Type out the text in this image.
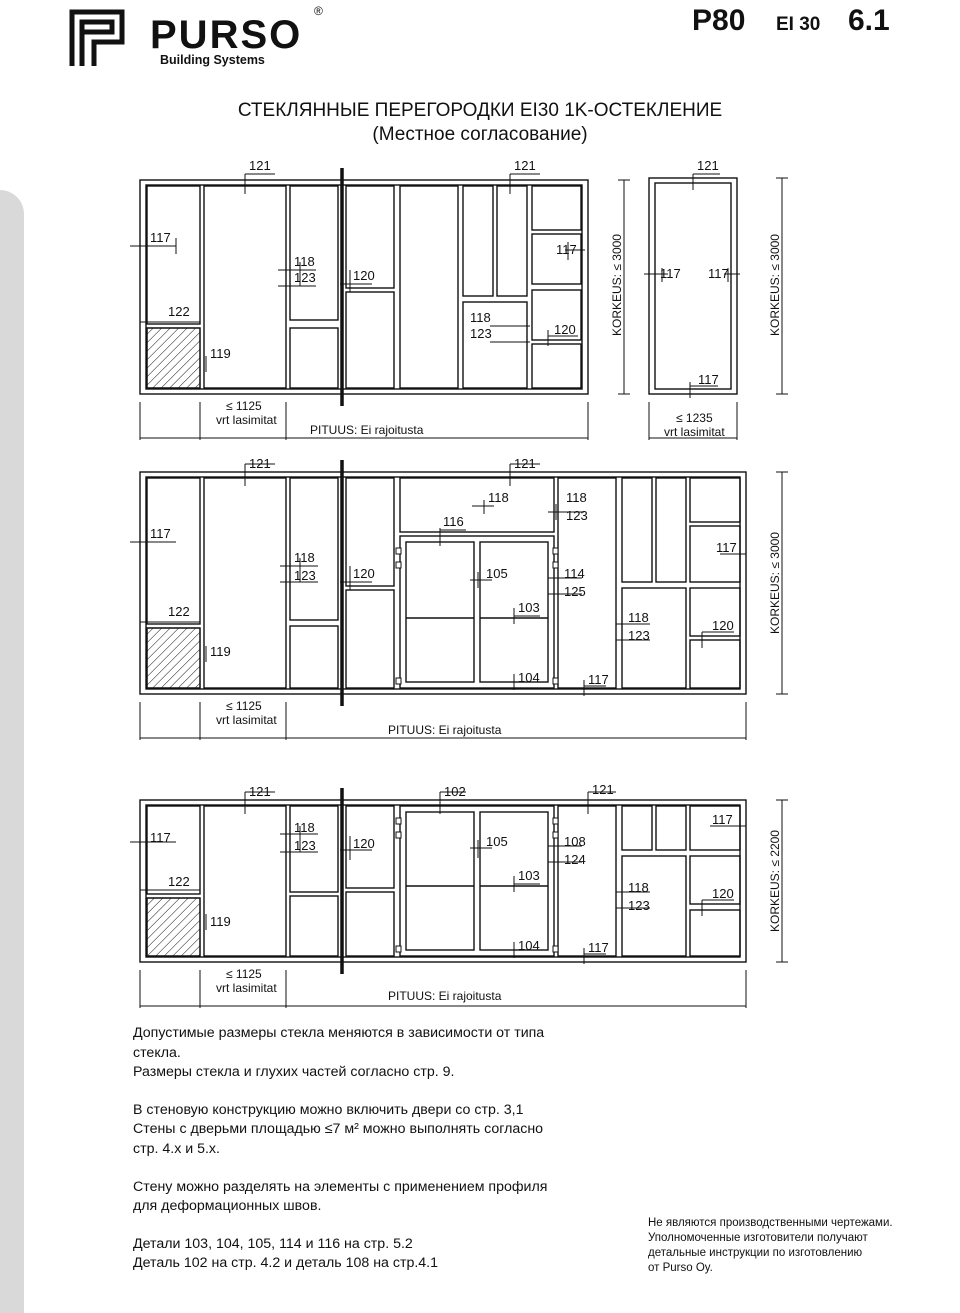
PURSO
Building Systems
®	P80 EI 30 6.1
СТЕКЛЯННЫЕ ПЕРЕГОРОДКИ EI30 1K-ОСТЕКЛЕНИЕ
(Местное согласование)
121	121	121
117
118
123	120
117
118
123	120
122
119
117 117
117
KORKEUS: ≤ 3000	KORKEUS: ≤ 3000
≤ 1125
vrt lasimitat	≤ 1235
vrt lasimitat
PITUUS: Ei rajoitusta
121	121
117
118
123	120
116
118	118
123
105	114
125
103
118
123
120
117
104	117
122
119
KORKEUS: ≤ 3000
≤ 1125
vrt lasimitat
PITUUS: Ei rajoitusta
121	102	121
117
118
123	120	105	108
124
103
118
123
120
117
104	117
122
119	KORKEUS: ≤ 2200
≤ 1125
vrt lasimitat
PITUUS: Ei rajoitusta

Допустимые размеры стекла меняются в зависимости от типа

стекла.

Размеры стекла и глухих частей согласно стр. 9.

В стеновую конструкцию можно включить двери со стр. 3,1

Стены с дверьми площадью ≤7 м² можно выполнять согласно

стр. 4.x и 5.x.

Стену можно разделять на элементы с применением профиля

для деформационных швов.

Детали 103, 104, 105, 114 и 116 на стр. 5.2

Деталь 102 на стр. 4.2 и деталь 108 на стр.4.1

Не являются производственными чертежами.

Уполномоченные изготовители получают

детальные инструкции по изготовлению

от Purso Oy.
